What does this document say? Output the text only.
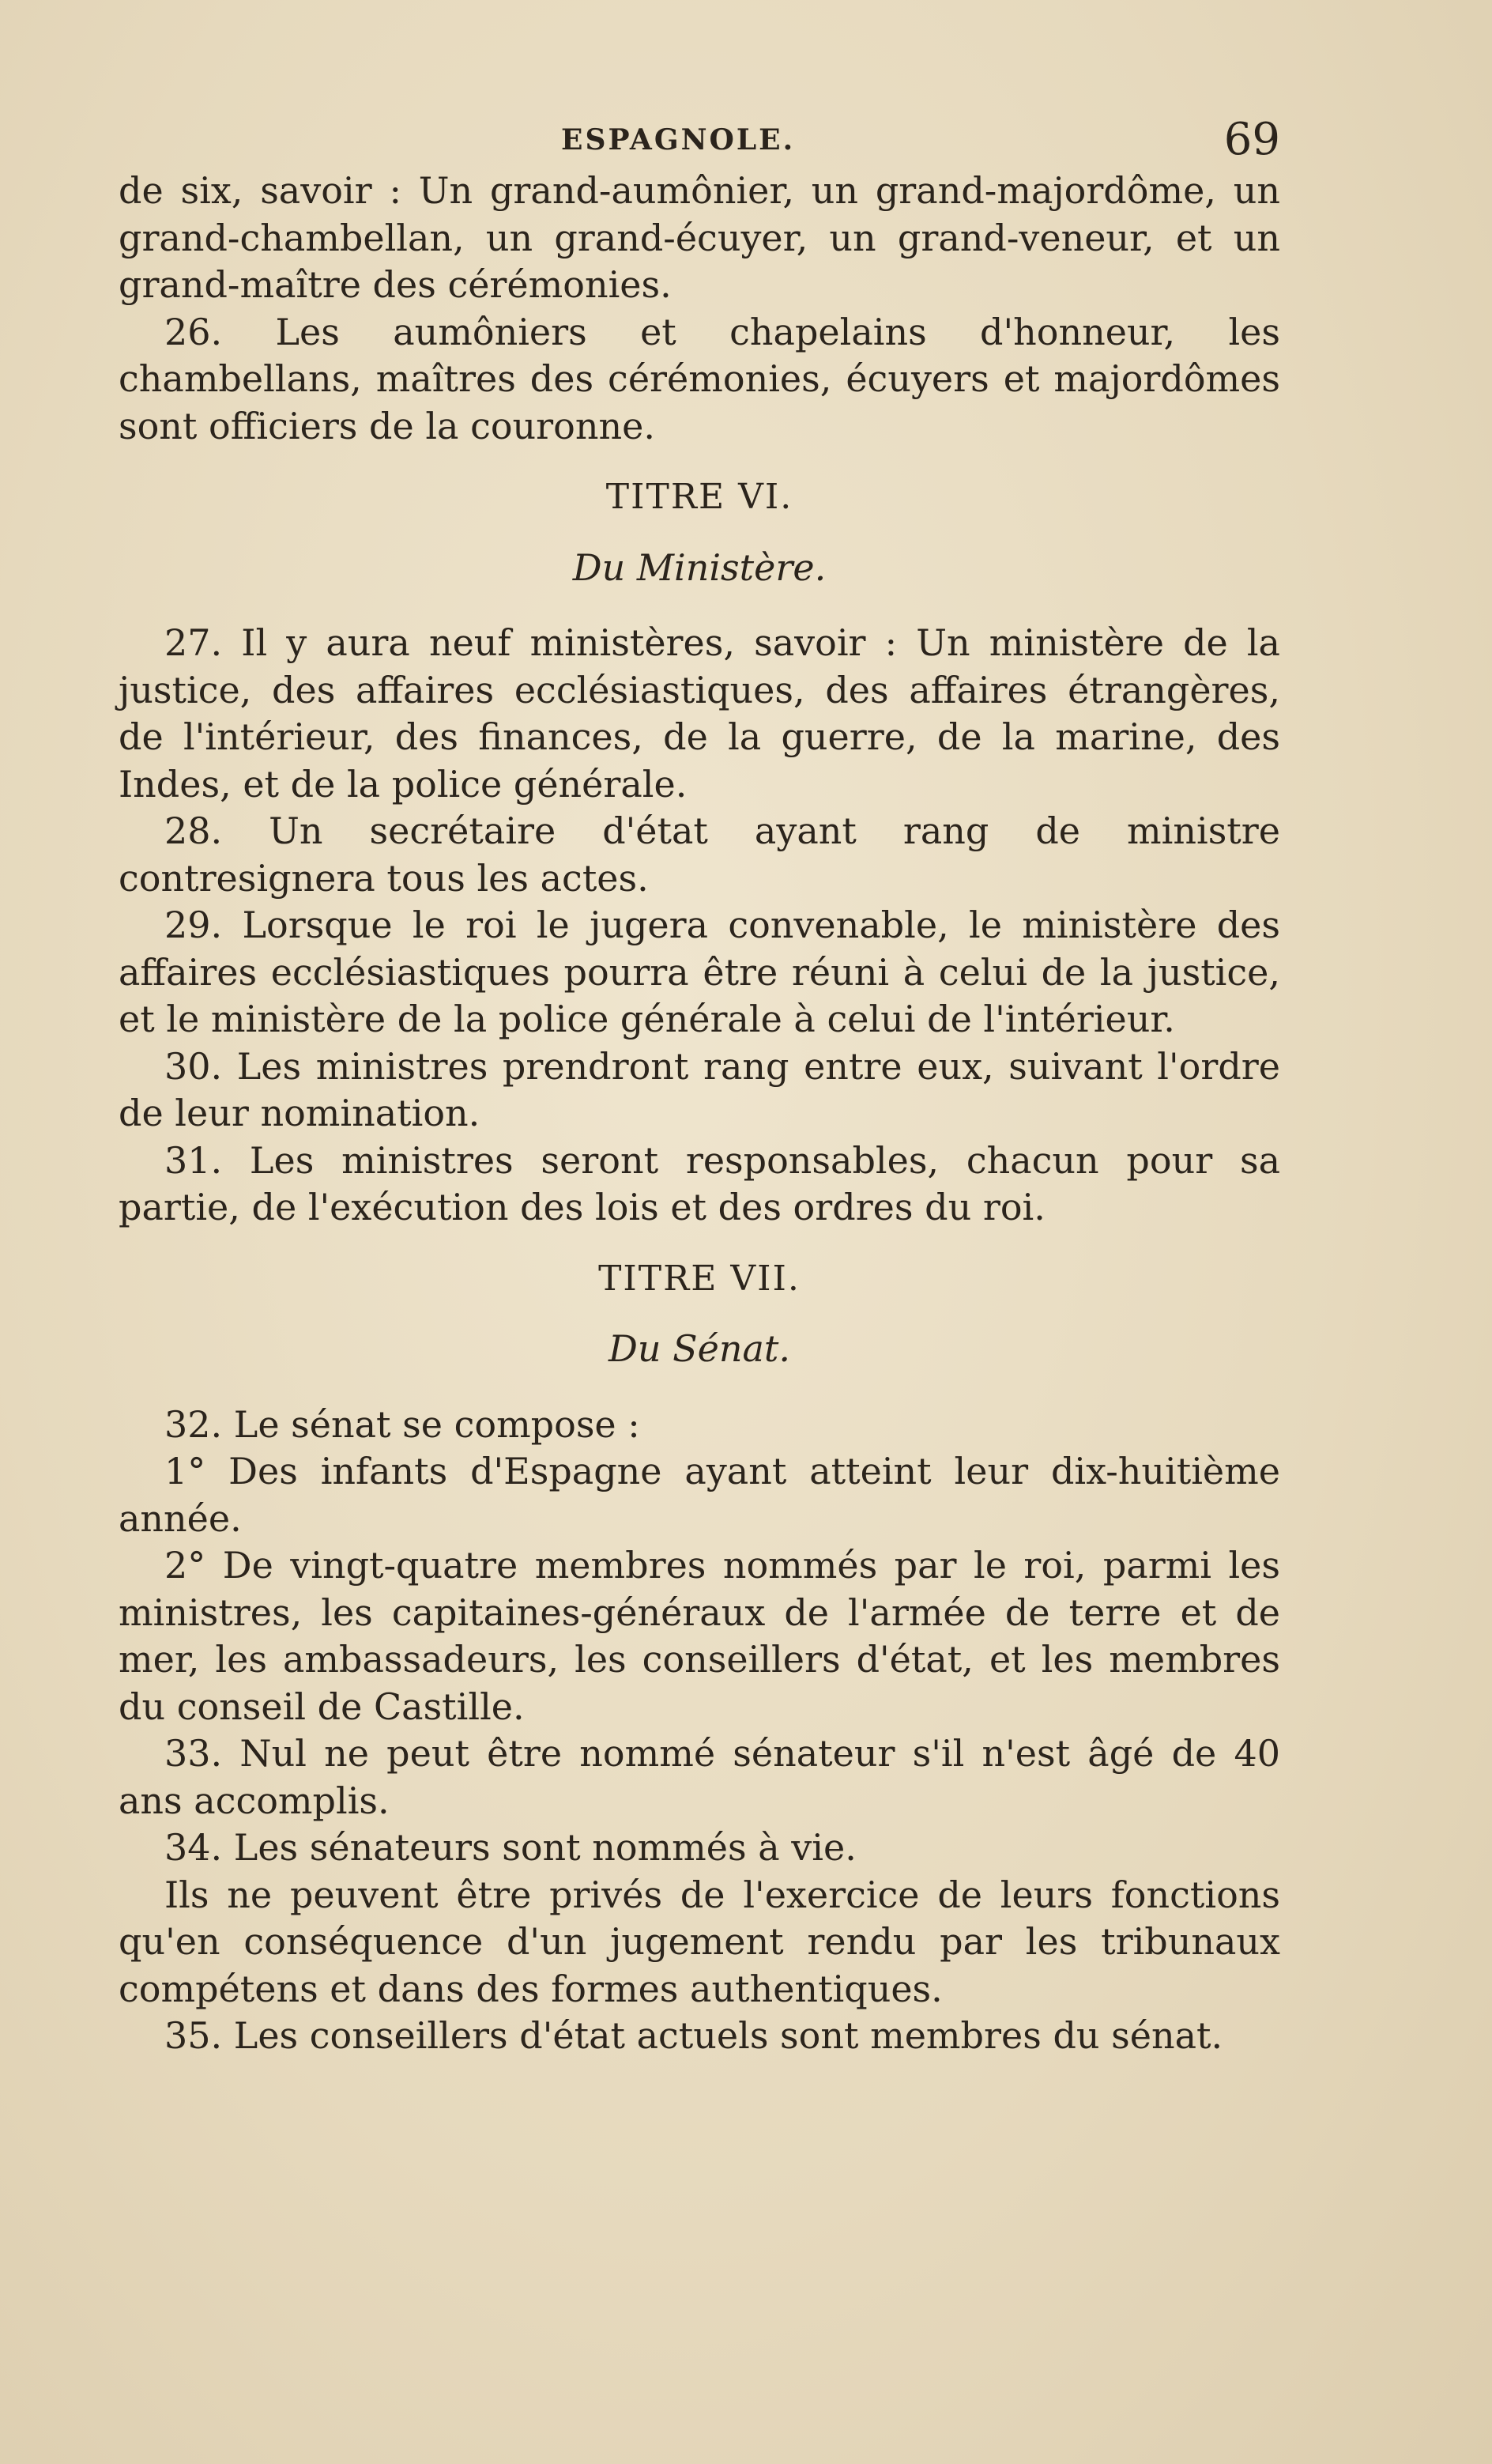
ESPAGNOLE.	69

de six, savoir : Un grand-aumônier, un grand-majordôme, un grand-chambellan, un grand-écuyer, un grand-veneur, et un grand-maître des cérémonies.

26. Les aumôniers et chapelains d'honneur, les chambellans, maîtres des cérémonies, écuyers et majordômes sont officiers de la couronne.

TITRE VI.

Du Ministère.

27. Il y aura neuf ministères, savoir : Un ministère de la justice, des affaires ecclésiastiques, des affaires étrangères, de l'intérieur, des finances, de la guerre, de la marine, des Indes, et de la police générale.

28. Un secrétaire d'état ayant rang de ministre contresignera tous les actes.

29. Lorsque le roi le jugera convenable, le ministère des affaires ecclésiastiques pourra être réuni à celui de la justice, et le ministère de la police générale à celui de l'intérieur.

30. Les ministres prendront rang entre eux, suivant l'ordre de leur nomination.

31. Les ministres seront responsables, chacun pour sa partie, de l'exécution des lois et des ordres du roi.

TITRE VII.

Du Sénat.

32. Le sénat se compose :

1° Des infants d'Espagne ayant atteint leur dix-huitième année.

2° De vingt-quatre membres nommés par le roi, parmi les ministres, les capitaines-généraux de l'armée de terre et de mer, les ambassadeurs, les conseillers d'état, et les membres du conseil de Castille.

33. Nul ne peut être nommé sénateur s'il n'est âgé de 40 ans accomplis.

34. Les sénateurs sont nommés à vie.

Ils ne peuvent être privés de l'exercice de leurs fonctions qu'en conséquence d'un jugement rendu par les tribunaux compétens et dans des formes authentiques.

35. Les conseillers d'état actuels sont membres du sénat.
